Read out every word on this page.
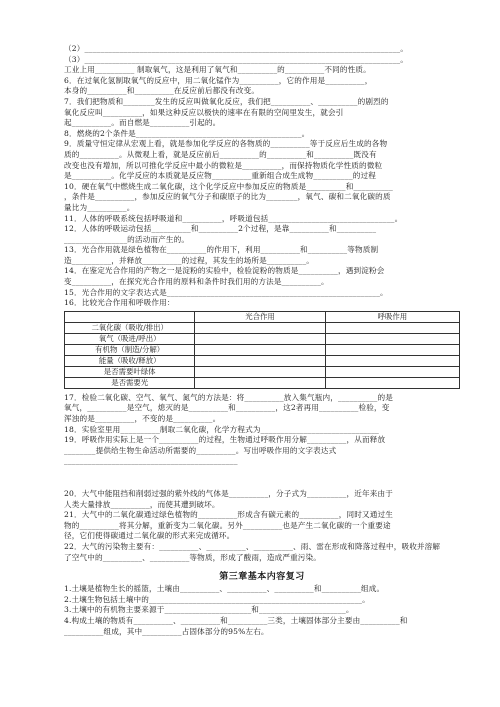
（2）________________________________________________________________________________。
（3）________________________________________________________________________________。
工业上用__________ 制取氧气，这是利用了氧气和__________的__________不同的性质。
6．在过氧化氢制取氧气的反应中，用二氧化锰作为__________，它的作用是__________，
本身的__________和__________在反应前后都没有改变。
7．我们把物质和________发生的反应叫做氧化反应，我们把__________、__________的剧烈的
氧化反应叫__________，如果这种反应以极快的速率在有限的空间里发生，就会引
起__________。而自燃是__________引起的。
8．燃烧的2个条件是__________________________________________。
9．质量守恒定律从宏观上看，就是参加化学反应的各物质的__________等于反应后生成的各物
质的__________。从微观上看，就是反应前后__________的__________和__________既没有
改变也没有增加，所以可推化学反应中最小的微粒是__________，而保持物质化学性质的微粒
是__________。化学反应的本质就是反应物__________重新组合成生成物__________的过程
10．硬在氧气中燃烧生成二氧化碳，这个化学反应中参加反应的物质是__________和__________
，条件是__________，参加反应的氧气分子和碳原子的比为________，氧气、碳和二氧化碳的质
量比为__________。
11．人体的呼吸系统包括呼吸道和__________，呼吸道包括________________________________。
12．人体的呼吸运动包括__________和__________2个过程，是靠__________和__________
________________的活动而产生的。
13．光合作用就是绿色植物在__________的作用下，利用__________和__________等物质制
造__________，并释放__________的过程，其发生的场所是__________。
14．在鉴定光合作用的产物之一是淀粉的实验中，检验淀粉的物质是__________，遇到淀粉会
变__________，在探究光合作用的原料和条件时我们用的方法是__________。
15．光合作用的文字表达式是______________________________________________________。
16．比较光合作用和呼吸作用：
	光合作用	呼吸作用
二氧化碳（吸收/排出）		
氧气（吸进/呼出）		
有机物（制造/分解）		
能量（吸收/释放）		
是否需要叶绿体		
是否需要光		
17．检验二氧化碳、空气、氧气、氮气的方法是：将__________放入集气瓶内，__________的是
氧气，__________是空气，熄灭的是__________和__________，这2者再用__________检验，变
浑浊的是__________，不变的是__________。
18．实验室里用__________制取二氧化碳，化学方程式为______________________________
19．呼吸作用实际上是一个__________的过程，生物通过呼吸作用分解__________，从而释放
________提供给生物生命活动所需要的__________。写出呼吸作用的文字表达式
____________________________________________
20．大气中能阻挡和削弱过强的紫外线的气体是__________，分子式为__________，近年来由于
人类大量排放__________，而使其遭到破坏。
21．大气中的二氧化碳通过绿色植物的__________形成含有碳元素的__________，同时又通过生
物的__________将其分解，重新变为二氧化碳。另外__________也是产生二氧化碳的一个重要途
径，它们使得碳通过二氧化碳的形式来完成循环。
22．大气的污染物主要有：__________、__________、__________、雨、雷在形成和降落过程中，吸收并溶解
了空气中的__________、__________等物质，形成了酸雨，造成严重污染。
第三章基本内容复习
1.土壤是植物生长的摇篮，土壤由__________、__________、__________和__________组成。
2.土壤生物包括土壤中的______________________________________________________。
3.土壤中的有机物主要来源于______________________和______________________。
4.构成土壤的物质有__________、__________和__________三类，土壤固体部分主要由__________和
__________组成，其中__________占固体部分的95%左右。
